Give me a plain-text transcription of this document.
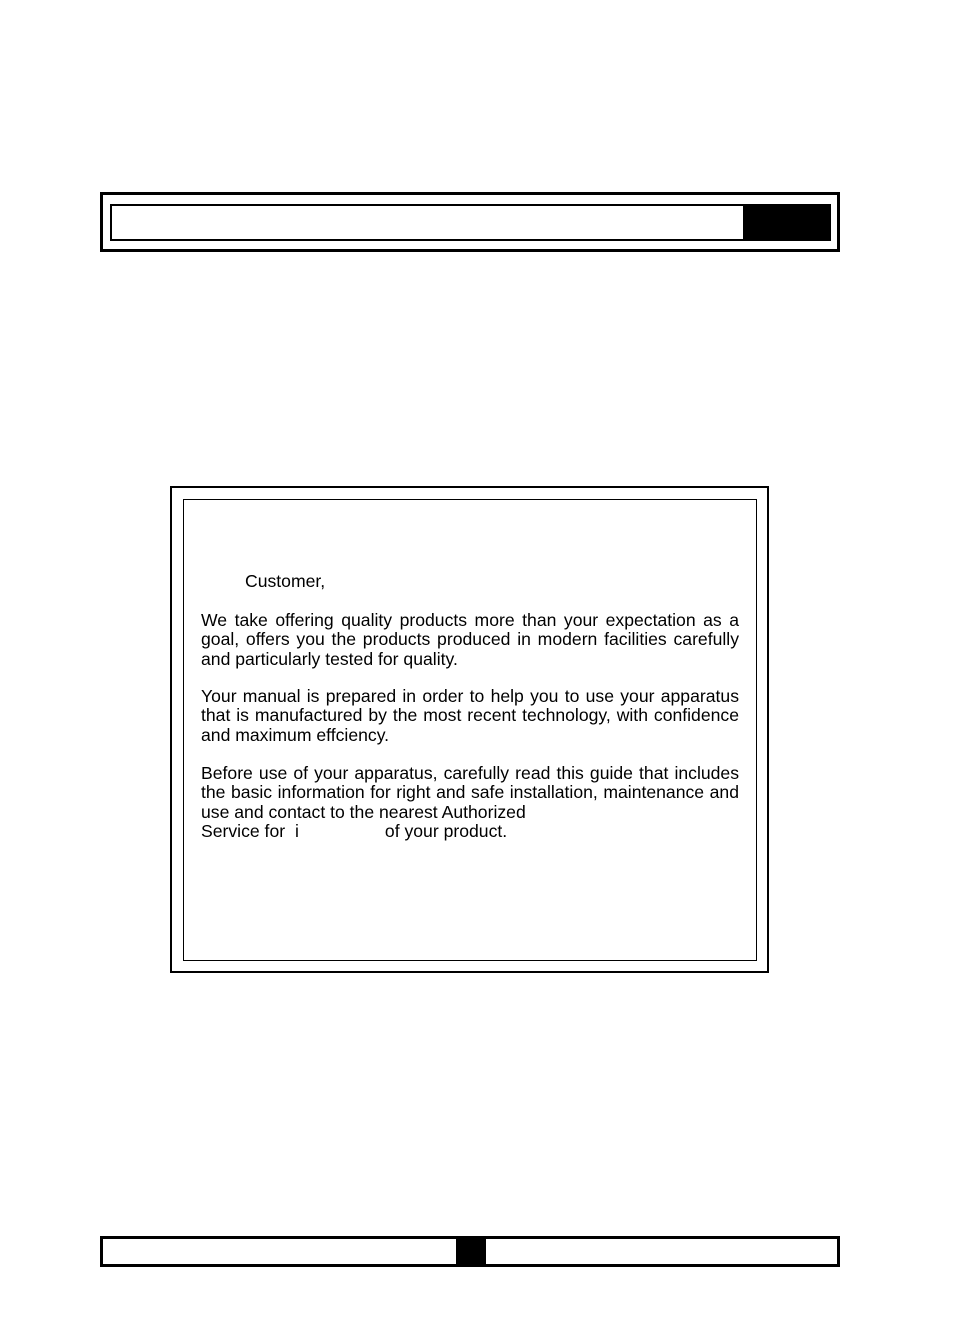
Customer,

We take offering quality products more than your expectation as a goal, offers you the products produced in modern facilities carefully and particularly tested for quality.

Your manual is prepared in order to help you to use your apparatus that is manufactured by the most recent technology, with confidence and maximum effciency.

Before use of your apparatus, carefully read this guide that includes the basic information for right and safe installation, maintenance and use and contact to the nearest Authorized
Service for i	of your product.
